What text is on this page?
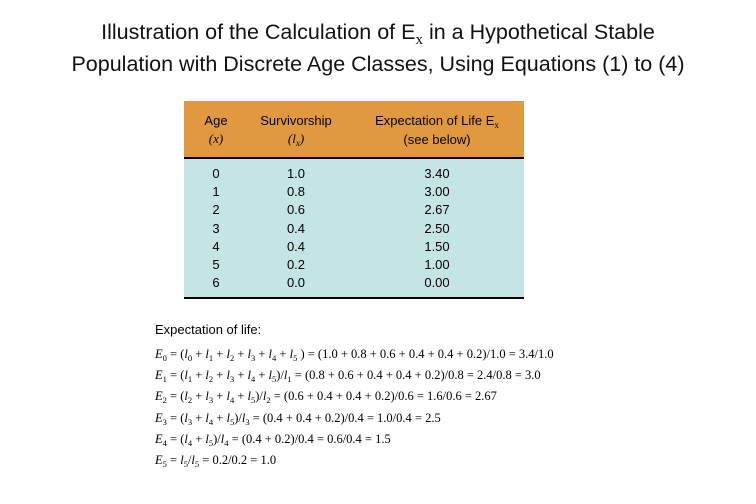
Illustration of the Calculation of $E_x$ in a Hypothetical Stable
Population with Discrete Age Classes, Using Equations (1) to (4)
Age
(x)
Survivorship
$(l_x)$
Expectation of Life $E_x$
(see below)
0
1
2
3
4
5
6
1.0
0.8
0.6
0.4
0.4
0.2
0.0
3.40
3.00
2.67
2.50
1.50
1.00
0.00
Expectation of life:
$E_0 = (l_0 + l_1 + l_2 + l_3 + l_4 + l_5$ ) = (1.0 + 0.8 + 0.6 + 0.4 + 0.4 + 0.2)/1.0 = 3.4/1.0
$E_1 = (l_1 + l_2 + l_3 + l_4 + l_5)/l_1 = (0.8 + 0.6 + 0.4 + 0.4 + 0.2)/0.8 = 2.4/0.8 = 3.0$
$E_2 = (l_2 + l_3 + l_4 + l_5)/l_2 = (0.6 + 0.4 + 0.4 + 0.2)/0.6 = 1.6/0.6 = 2.67$
$E_3 = (l_3 + l_4 + l_5)/l_3 = (0.4 + 0.4 + 0.2)/0.4 = 1.0/0.4 = 2.5$
$E_4 = (l_4 + l_5)/l_4 = (0.4 + 0.2)/0.4 = 0.6/0.4 = 1.5$
$E_5 = l_5/l_5 = 0.2/0.2 = 1.0$
